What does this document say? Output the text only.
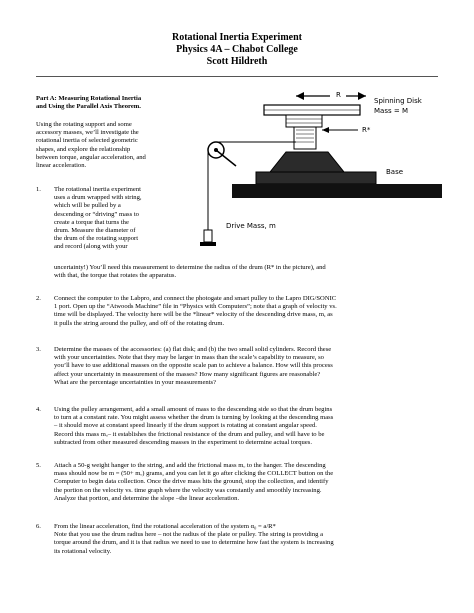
Rotational Inertia Experiment
Physics 4A – Chabot College
Scott Hildreth
Part A: Measuring Rotational Inertia
and Using the Parallel Axis Theorem.
Using the rotating support and some
accessory masses, we’ll investigate the
rotational inertia of selected geometric
shapes, and explore the relationship
between torque, angular acceleration, and
linear acceleration.
R
Spinning Disk
Mass = M
R*
Base
Drive Mass, m
1. The rotational inertia experiment
uses a drum wrapped with string,
which will be pulled by a
descending or “driving” mass to
create a torque that turns the
drum. Measure the diameter of
the drum of the rotating support
and record (along with your
uncertainty!) You’ll need this measurement to determine the radius of the drum (R* in the picture), and
with that, the torque that rotates the apparatus.
2. Connect the computer to the Labpro, and connect the photogate and smart pulley to the Lapro DIG/SONIC
1 port. Open up the “Atwoods Machine” file in “Physics with Computers”; note that a graph of velocity vs.
time will be displayed. The velocity here will be the *linear* velocity of the descending drive mass, m, as
it pulls the string around the pulley, and off of the rotating drum.
3. Determine the masses of the accessories: (a) flat disk; and (b) the two small solid cylinders. Record these
with your uncertainties. Note that they may be larger in mass than the scale’s capability to measure, so
you’ll have to use additional masses on the opposite scale pan to achieve a balance. How will this process
affect your uncertainty in measurement of the masses? How many significant figures are reasonable?
What are the percentage uncertainties in your measurements?
4. Using the pulley arrangement, add a small amount of mass to the descending side so that the drum begins
to turn at a constant rate. You might assess whether the drum is turning by looking at the descending mass
– it should move at constant speed linearly if the drum support is rotating at constant angular speed.
Record this mass mₒ– it establishes the frictional resistance of the drum and pulley, and will have to be
subtracted from other measured descending masses in the experiment to determine actual torques.
5. Attach a 50-g weight hanger to the string, and add the frictional mass mₒ to the hanger. The descending
mass should now be m = (50+ mₒ) grams, and you can let it go after clicking the COLLECT button on the
Computer to begin data collection. Once the drive mass hits the ground, stop the collection, and identify
the portion on the velocity vs. time graph where the velocity was constantly and smoothly increasing.
Analyze that portion, and determine the slope –the linear acceleration.
6. From the linear acceleration, find the rotational acceleration of the system α₀ = a/R*
Note that you use the drum radius here – not the radius of the plate or pulley. The string is providing a
torque around the drum, and it is that radius we need to use to determine how fast the system is increasing
its rotational velocity.
